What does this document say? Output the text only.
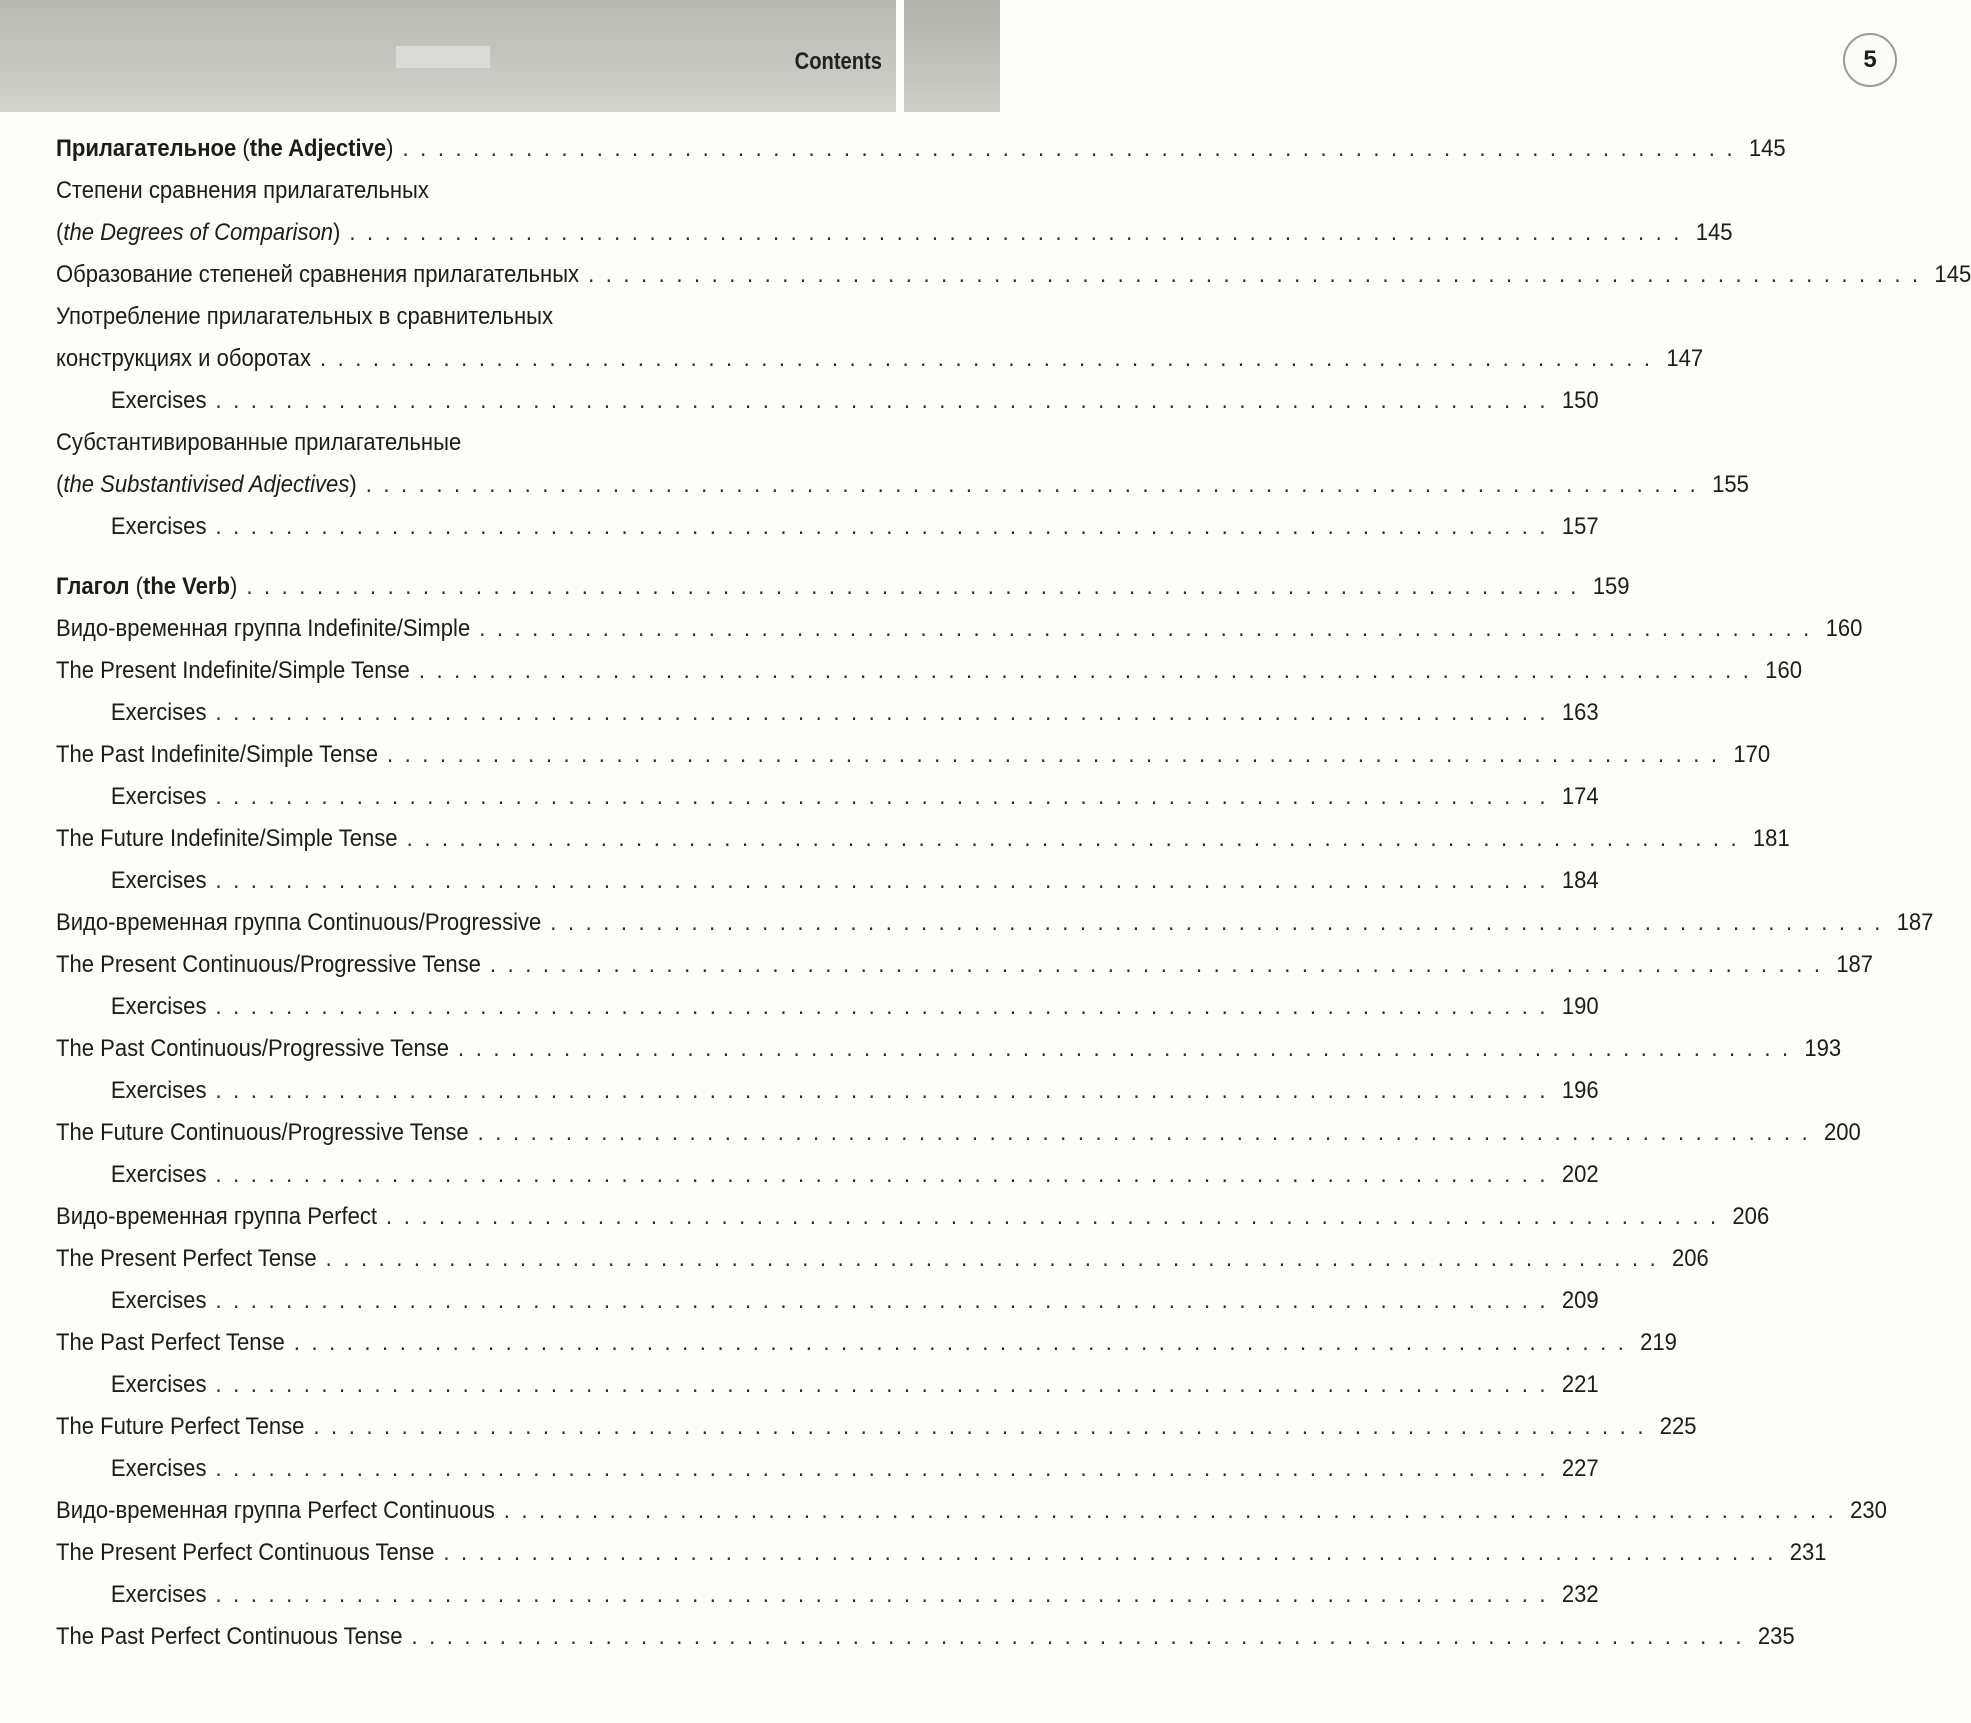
Contents	5
Прилагательное (the Adjective) . . .	145
Степени сравнения прилагательных
(the Degrees of Comparison) . . .	145
Образование степеней сравнения прилагательных . . .	145
Употребление прилагательных в сравнительных
конструкциях и оборотах . . .	147
Exercises . . .	150
Субстантивированные прилагательные
(the Substantivised Adjectives) . . .	155
Exercises . . .	157
Глагол (the Verb) . . .	159
Видо-временная группа Indefinite/Simple . . .	160
The Present Indefinite/Simple Tense . . .	160
Exercises . . .	163
The Past Indefinite/Simple Tense . . .	170
Exercises . . .	174
The Future Indefinite/Simple Tense . . .	181
Exercises . . .	184
Видо-временная группа Continuous/Progressive . . .	187
The Present Continuous/Progressive Tense . . .	187
Exercises . . .	190
The Past Continuous/Progressive Tense . . .	193
Exercises . . .	196
The Future Continuous/Progressive Tense . . .	200
Exercises . . .	202
Видо-временная группа Perfect . . .	206
The Present Perfect Tense . . .	206
Exercises . . .	209
The Past Perfect Tense . . .	219
Exercises . . .	221
The Future Perfect Tense . . .	225
Exercises . . .	227
Видо-временная группа Perfect Continuous . . .	230
The Present Perfect Continuous Tense . . .	231
Exercises . . .	232
The Past Perfect Continuous Tense . . .	235
